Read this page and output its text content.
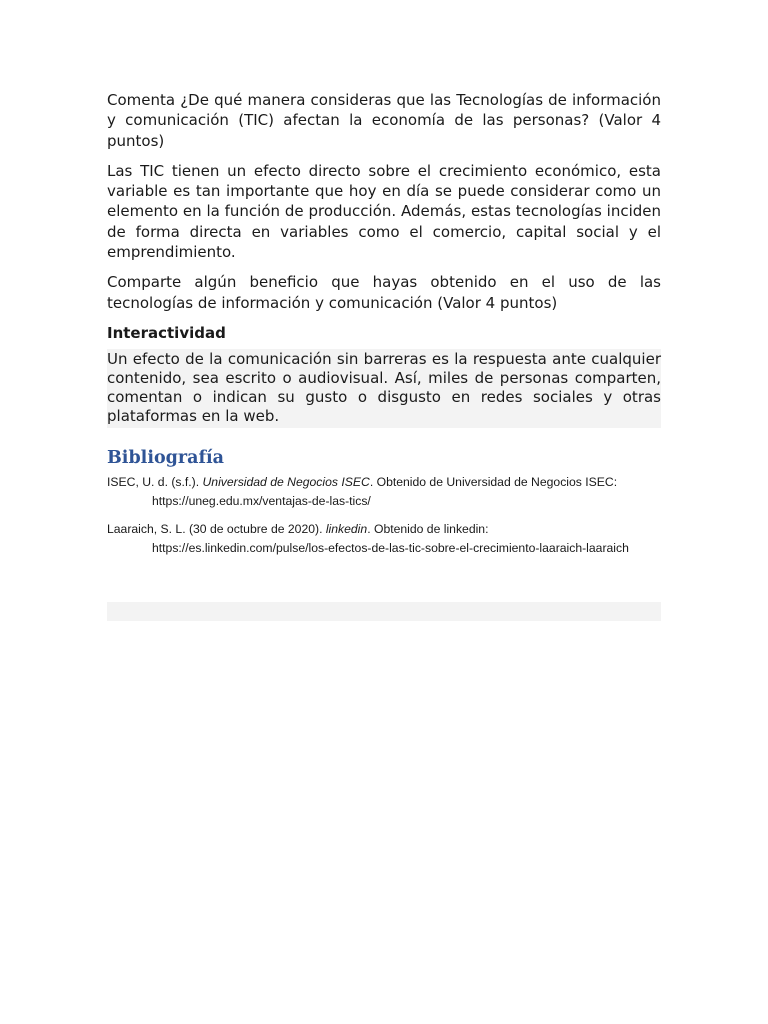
Comenta ¿De qué manera consideras que las Tecnologías de información y comunicación (TIC) afectan la economía de las personas? (Valor 4 puntos)

Las TIC tienen un efecto directo sobre el crecimiento económico, esta variable es tan importante que hoy en día se puede considerar como un elemento en la función de producción. Además, estas tecnologías inciden de forma directa en variables como el comercio, capital social y el emprendimiento.

Comparte algún beneficio que hayas obtenido en el uso de las tecnologías de información y comunicación (Valor 4 puntos)

Interactividad

Un efecto de la comunicación sin barreras es la respuesta ante cualquier contenido, sea escrito o audiovisual. Así, miles de personas comparten, comentan o indican su gusto o disgusto en redes sociales y otras plataformas en la web.

Bibliografía

ISEC, U. d. (s.f.). Universidad de Negocios ISEC. Obtenido de Universidad de Negocios ISEC: https://uneg.edu.mx/ventajas-de-las-tics/

Laaraich, S. L. (30 de octubre de 2020). linkedin. Obtenido de linkedin: https://es.linkedin.com/pulse/los-efectos-de-las-tic-sobre-el-crecimiento-laaraich-laaraich
